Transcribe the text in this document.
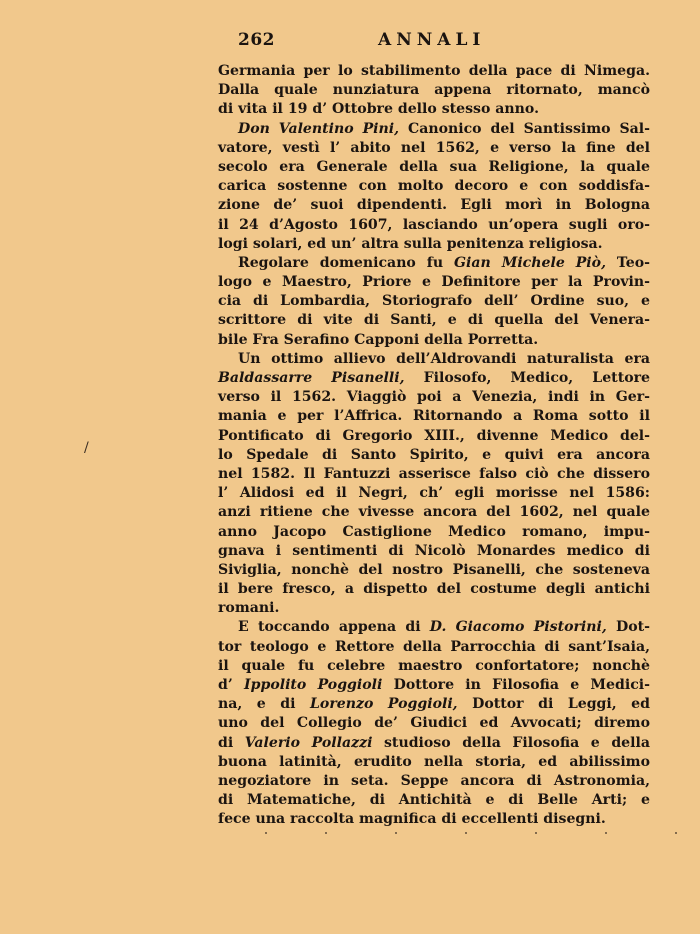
262	ANNALI
/
Germania per lo stabilimento della pace di Nimega.
Dalla quale nunziatura appena ritornato, mancò
di vita il 19 d’ Ottobre dello stesso anno.
Don Valentino Pini, Canonico del Santissimo Sal-
vatore, vestì l’ abito nel 1562, e verso la fine del
secolo era Generale della sua Religione, la quale
carica sostenne con molto decoro e con soddisfa-
zione de’ suoi dipendenti. Egli morì in Bologna
il 24 d’Agosto 1607, lasciando un’opera sugli oro-
logi solari, ed un’ altra sulla penitenza religiosa.
Regolare domenicano fu Gian Michele Piò, Teo-
logo e Maestro, Priore e Definitore per la Provin-
cia di Lombardia, Storiografo dell’ Ordine suo, e
scrittore di vite di Santi, e di quella del Venera-
bile Fra Serafino Capponi della Porretta.
Un ottimo allievo dell’Aldrovandi naturalista era
Baldassarre Pisanelli, Filosofo, Medico, Lettore
verso il 1562. Viaggiò poi a Venezia, indi in Ger-
mania e per l’Affrica. Ritornando a Roma sotto il
Pontificato di Gregorio XIII., divenne Medico del-
lo Spedale di Santo Spirito, e quivi era ancora
nel 1582. Il Fantuzzi asserisce falso ciò che dissero
l’ Alidosi ed il Negri, ch’ egli morisse nel 1586:
anzi ritiene che vivesse ancora del 1602, nel quale
anno Jacopo Castiglione Medico romano, impu-
gnava i sentimenti di Nicolò Monardes medico di
Siviglia, nonchè del nostro Pisanelli, che sosteneva
il bere fresco, a dispetto del costume degli antichi
romani.
E toccando appena di D. Giacomo Pistorini, Dot-
tor teologo e Rettore della Parrocchia di sant’Isaia,
il quale fu celebre maestro confortatore; nonchè
d’ Ippolito Poggioli Dottore in Filosofia e Medici-
na, e di Lorenzo Poggioli, Dottor di Leggi, ed
uno del Collegio de’ Giudici ed Avvocati; diremo
di Valerio Pollazzi studioso della Filosofia e della
buona latinità, erudito nella storia, ed abilissimo
negoziatore in seta. Seppe ancora di Astronomia,
di Matematiche, di Antichità e di Belle Arti; e
fece una raccolta magnifica di eccellenti disegni.
